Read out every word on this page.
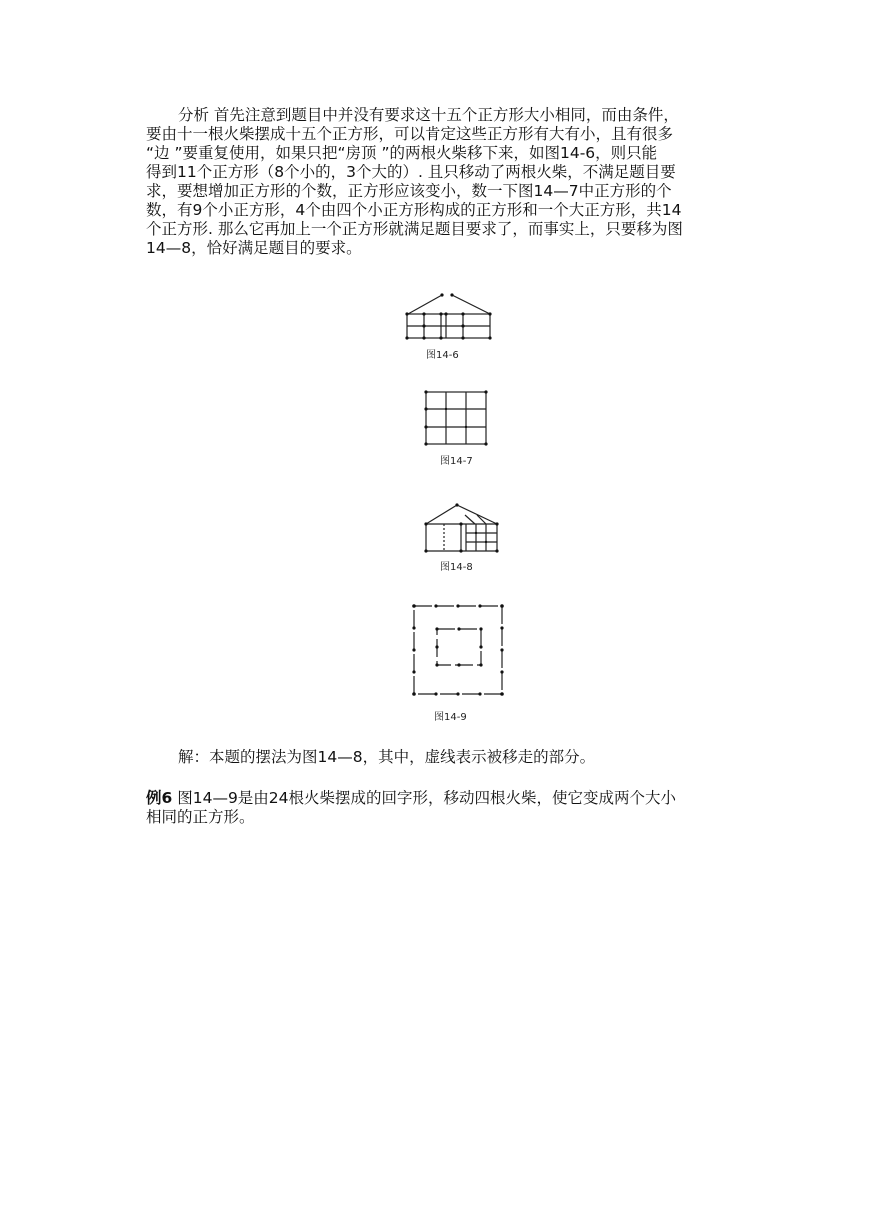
分析 首先注意到题目中并没有要求这十五个正方形大小相同，而由条件，
要由十一根火柴摆成十五个正方形，可以肯定这些正方形有大有小，且有很多
“边 ”要重复使用，如果只把“房顶 ”的两根火柴移下来，如图14-6，则只能
得到11个正方形（8个小的，3个大的）. 且只移动了两根火柴，不满足题目要
求，要想增加正方形的个数，正方形应该变小，数一下图14—7中正方形的个
数，有9个小正方形，4个由四个小正方形构成的正方形和一个大正方形，共14
个正方形. 那么它再加上一个正方形就满足题目要求了，而事实上，只要移为图
14—8，恰好满足题目的要求。

图14-6
图14-7
图14-8
图14-9

解：本题的摆法为图14—8，其中，虚线表示被移走的部分。

例6 图14—9是由24根火柴摆成的回字形，移动四根火柴，使它变成两个大小
相同的正方形。
